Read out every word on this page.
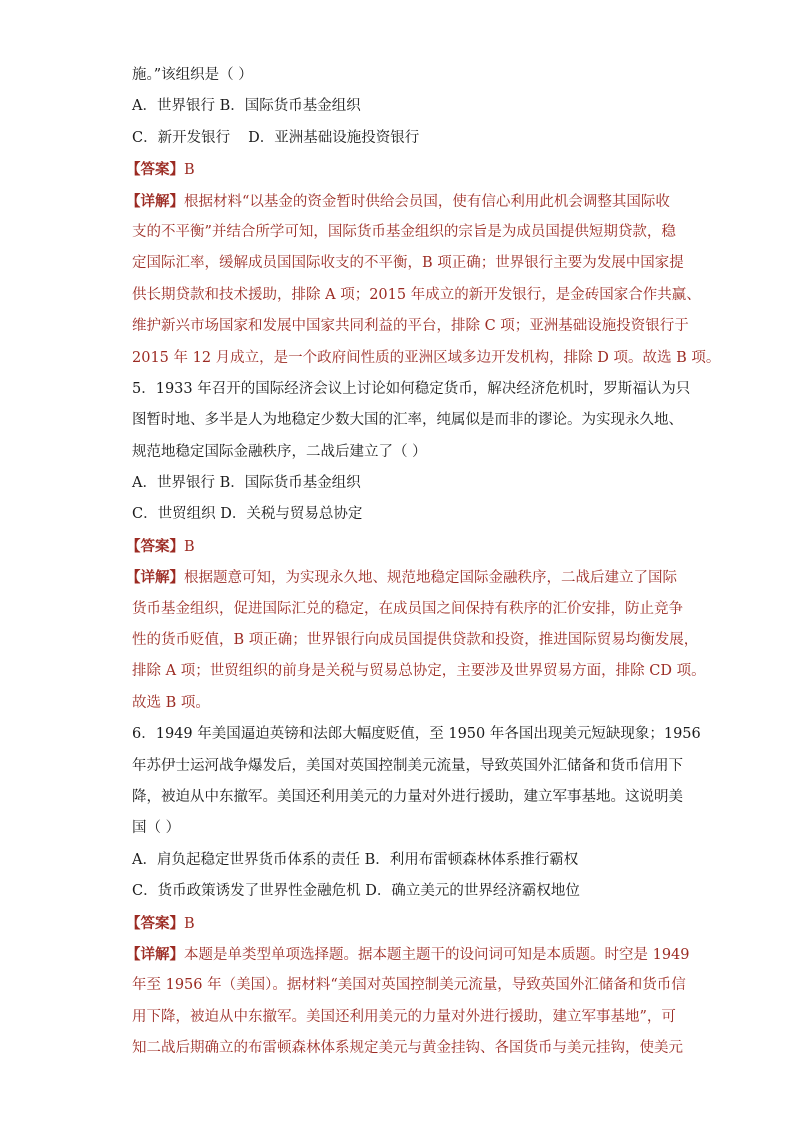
施。”该组织是（ ）
A．世界银行 B．国际货币基金组织
C．新开发银行 D．亚洲基础设施投资银行
【答案】B
【详解】根据材料“以基金的资金暂时供给会员国，使有信心利用此机会调整其国际收
支的不平衡”并结合所学可知，国际货币基金组织的宗旨是为成员国提供短期贷款，稳
定国际汇率，缓解成员国国际收支的不平衡，B 项正确；世界银行主要为发展中国家提
供长期贷款和技术援助，排除 A 项；2015 年成立的新开发银行，是金砖国家合作共赢、
维护新兴市场国家和发展中国家共同利益的平台，排除 C 项；亚洲基础设施投资银行于
2015 年 12 月成立，是一个政府间性质的亚洲区域多边开发机构，排除 D 项。故选 B 项。
5．1933 年召开的国际经济会议上讨论如何稳定货币，解决经济危机时，罗斯福认为只
图暂时地、多半是人为地稳定少数大国的汇率，纯属似是而非的谬论。为实现永久地、
规范地稳定国际金融秩序，二战后建立了（ ）
A．世界银行 B．国际货币基金组织
C．世贸组织 D．关税与贸易总协定
【答案】B
【详解】根据题意可知，为实现永久地、规范地稳定国际金融秩序，二战后建立了国际
货币基金组织，促进国际汇兑的稳定，在成员国之间保持有秩序的汇价安排，防止竞争
性的货币贬值，B 项正确；世界银行向成员国提供贷款和投资，推进国际贸易均衡发展，
排除 A 项；世贸组织的前身是关税与贸易总协定，主要涉及世界贸易方面，排除 CD 项。
故选 B 项。
6．1949 年美国逼迫英镑和法郎大幅度贬值，至 1950 年各国出现美元短缺现象；1956
年苏伊士运河战争爆发后，美国对英国控制美元流量，导致英国外汇储备和货币信用下
降，被迫从中东撤军。美国还利用美元的力量对外进行援助，建立军事基地。这说明美
国（ ）
A．肩负起稳定世界货币体系的责任 B．利用布雷顿森林体系推行霸权
C．货币政策诱发了世界性金融危机 D．确立美元的世界经济霸权地位
【答案】B
【详解】本题是单类型单项选择题。据本题主题干的设问词可知是本质题。时空是 1949
年至 1956 年（美国）。据材料“美国对英国控制美元流量，导致英国外汇储备和货币信
用下降，被迫从中东撤军。美国还利用美元的力量对外进行援助，建立军事基地”，可
知二战后期确立的布雷顿森林体系规定美元与黄金挂钩、各国货币与美元挂钩，使美元
